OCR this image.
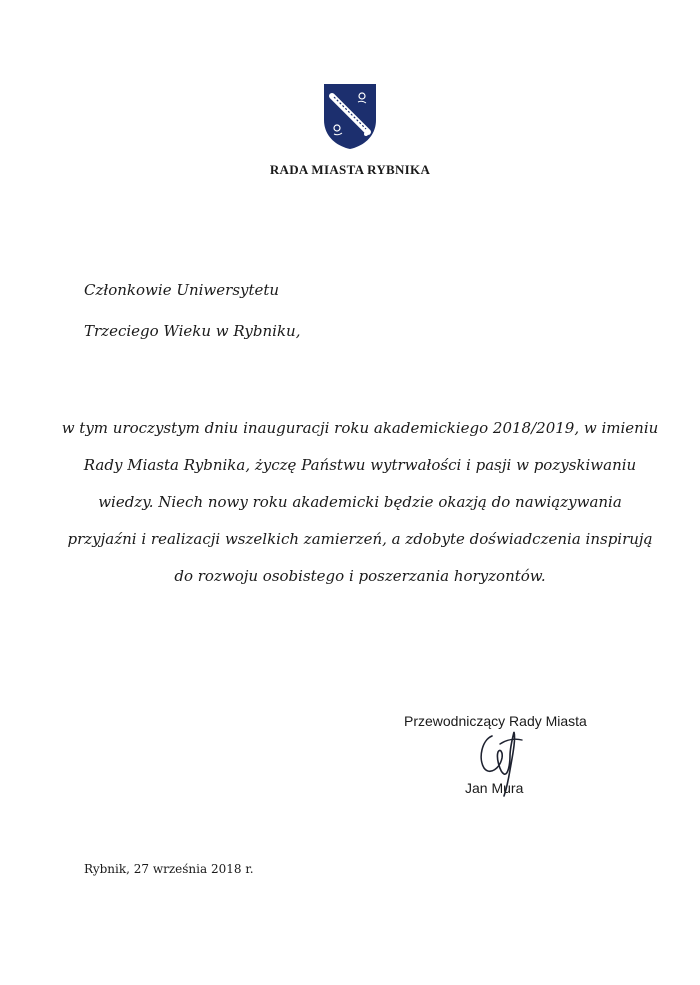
RADA MIASTA RYBNIKA
Członkowie Uniwersytetu
Trzeciego Wieku w Rybniku,
w tym uroczystym dniu inauguracji roku akademickiego 2018/2019, w imieniu
Rady Miasta Rybnika, życzę Państwu wytrwałości i pasji w pozyskiwaniu
wiedzy. Niech nowy roku akademicki będzie okazją do nawiązywania
przyjaźni i realizacji wszelkich zamierzeń, a zdobyte doświadczenia inspirują
do rozwoju osobistego i poszerzania horyzontów.
Przewodniczący Rady Miasta
Jan Mura
Rybnik, 27 września 2018 r.
